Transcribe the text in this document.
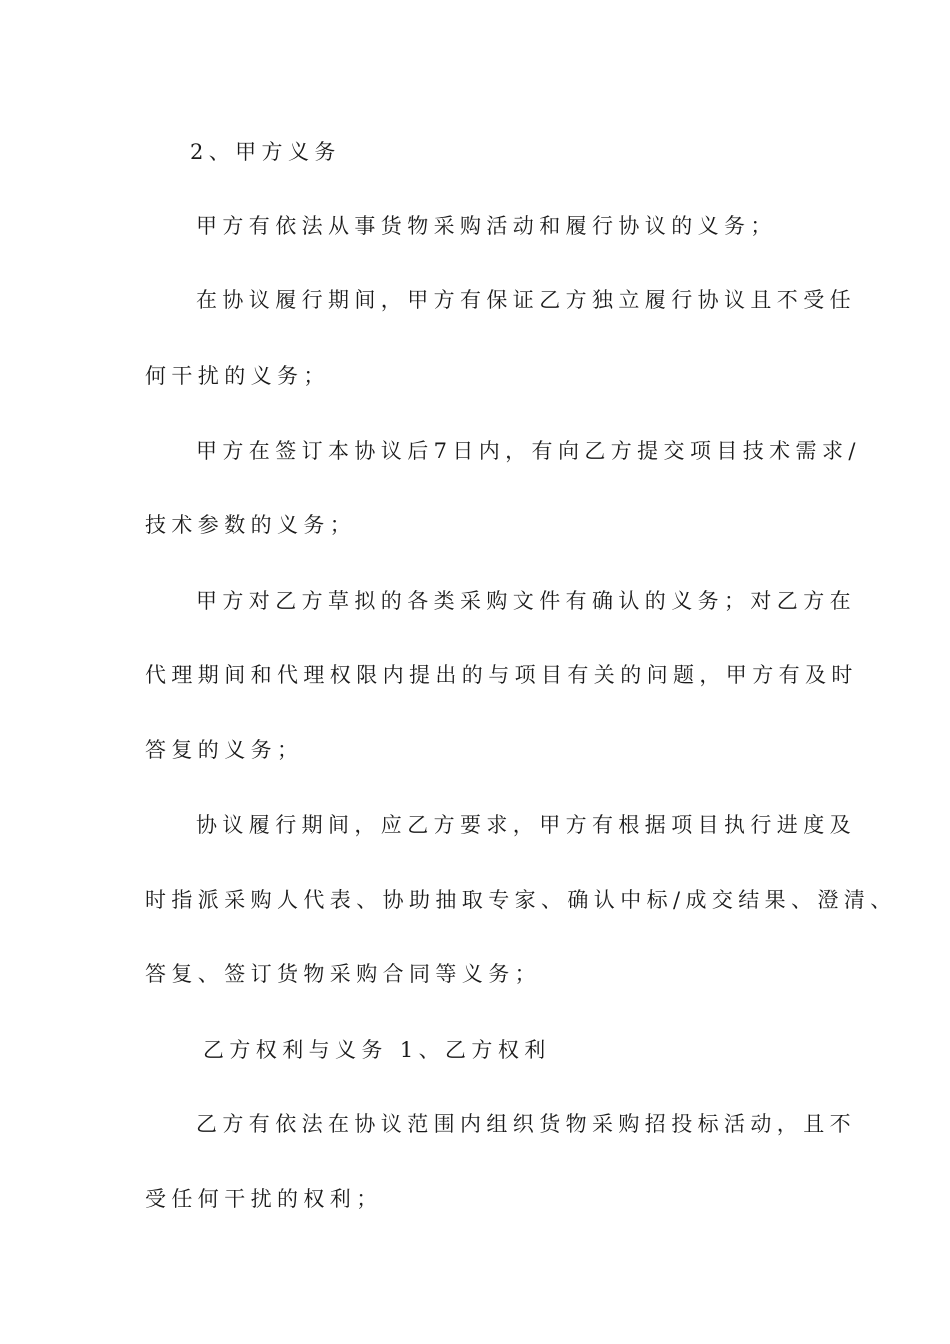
2、甲方义务
甲方有依法从事货物采购活动和履行协议的义务；
在协议履行期间，甲方有保证乙方独立履行协议且不受任
何干扰的义务；
甲方在签订本协议后7日内，有向乙方提交项目技术需求/
技术参数的义务；
甲方对乙方草拟的各类采购文件有确认的义务；对乙方在
代理期间和代理权限内提出的与项目有关的问题，甲方有及时
答复的义务；
协议履行期间，应乙方要求，甲方有根据项目执行进度及
时指派采购人代表、协助抽取专家、确认中标/成交结果、澄清、
答复、签订货物采购合同等义务；
乙方权利与义务 1、乙方权利
乙方有依法在协议范围内组织货物采购招投标活动，且不
受任何干扰的权利；
